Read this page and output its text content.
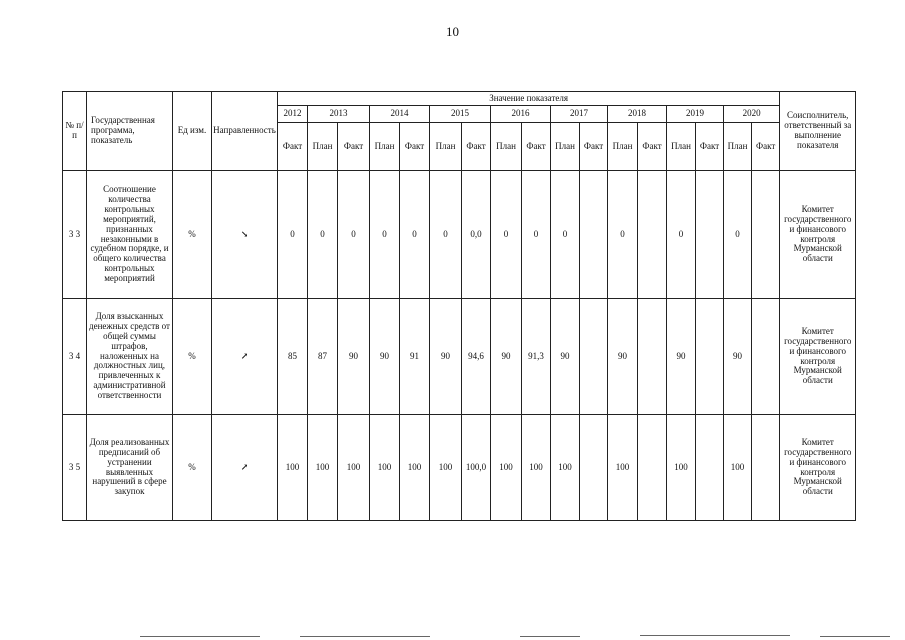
10
№ п/п	Государственная программа, показатель	Ед изм.	Направленность	Значение показателя																	Соисполнитель, ответственный за выполнение показателя
				2012	2013		2014		2015		2016		2017		2018		2019		2020		
				Факт	План	Факт	План	Факт	План	Факт	План	Факт	План	Факт	План	Факт	План	Факт	План	Факт	
3 3	Соотношение количества контрольных мероприятий, признанных незаконными в судебном порядке, и общего количества контрольных мероприятий	%	↘	0	0	0	0	0	0	0,0	0	0	0		0		0		0		Комитет государственного и финансового контроля Мурманской области
3 4	Доля взысканных денежных средств от общей суммы штрафов, наложенных на должностных лиц, привлеченных к административной ответственности	%	↗	85	87	90	90	91	90	94,6	90	91,3	90		90		90		90		Комитет государственного и финансового контроля Мурманской области
3 5	Доля реализованных предписаний об устранении выявленных нарушений в сфере закупок	%	↗	100	100	100	100	100	100	100,0	100	100	100		100		100		100		Комитет государственного и финансового контроля Мурманской области
